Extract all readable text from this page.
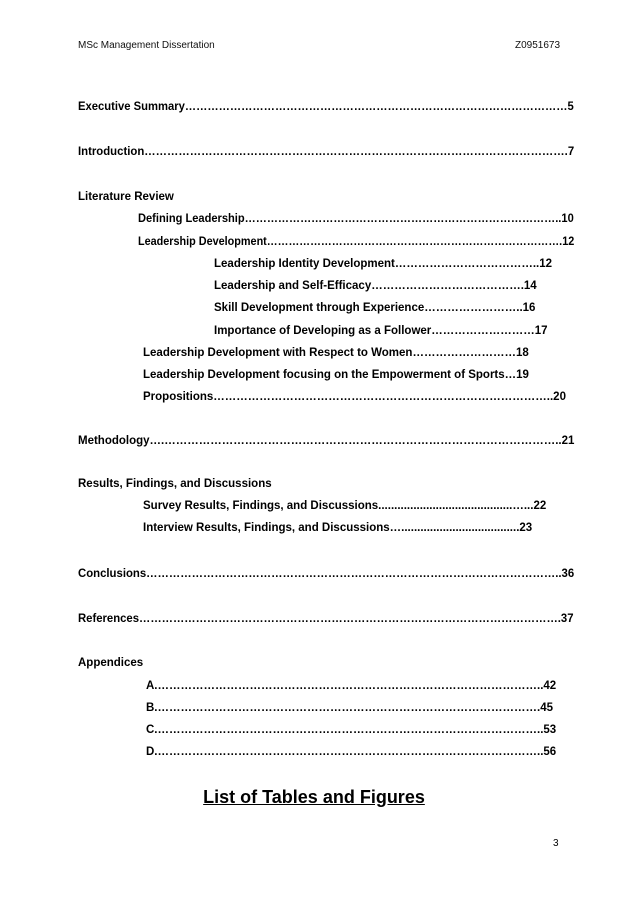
MSc Management Dissertation	Z0951673
Executive Summary…………………………………………………………………………………………5
Introduction………………………………………………………………………………………………….7
Literature Review
Defining Leadership…………………………………………………………………………..10
Leadership Development……………………………………………………………………….12
Leadership Identity Development………………………………..12
Leadership and Self-Efficacy………………………………….14
Skill Development through Experience……………………..16
Importance of Developing as a Follower………………………17
Leadership Development with Respect to Women………………………18
Leadership Development focusing on the Empowerment of Sports…19
Propositions……………………………………………………………………………..20
Methodology….…………………………………………………………………………………………..21
Results, Findings, and Discussions
Survey Results, Findings, and Discussions..........................................…...22
Interview Results, Findings, and Discussions….....................................23
Conclusions………………………………………………………………………………………………..36
References………………………………………………………………………………………………….37
Appendices
A.………………………………………………………………………………………..42
B.……………………………………………………………………………………….45
C.………………………………………………………………………………………..53
D.………………………………………………………………………………………..56
List of Tables and Figures
3
